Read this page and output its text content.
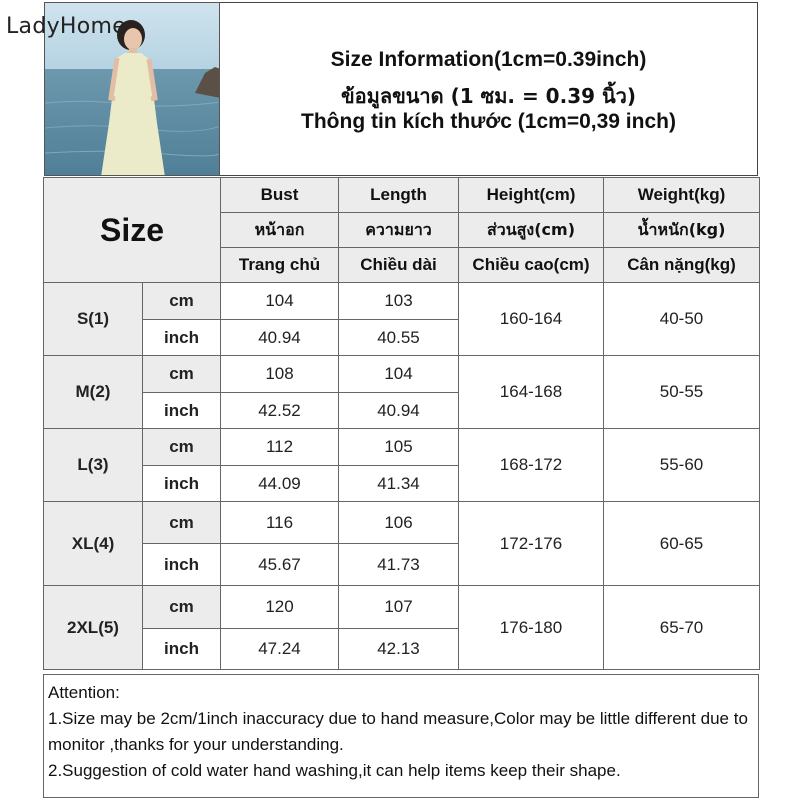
LadyHome
Size Information(1cm=0.39inch)
ข้อมูลขนาด (1 ซม. = 0.39 นิ้ว)
Thông tin kích thước (1cm=0,39 inch)
Size		Bust	Length	Height(cm)	Weight(kg)
		หน้าอก	ความยาว	ส่วนสูง(cm)	น้ำหนัก(kg)
		Trang chủ	Chiều dài	Chiều cao(cm)	Cân nặng(kg)
S(1)	cm	104	103	160-164	40-50
	inch	40.94	40.55		
M(2)	cm	108	104	164-168	50-55
	inch	42.52	40.94		
L(3)	cm	112	105	168-172	55-60
	inch	44.09	41.34		
XL(4)	cm	116	106	172-176	60-65
	inch	45.67	41.73		
2XL(5)	cm	120	107	176-180	65-70
	inch	47.24	42.13		

Attention:

1.Size may be 2cm/1inch inaccuracy due to hand measure,Color may be little different due to monitor ,thanks for your understanding.

2.Suggestion of cold water hand washing,it can help items keep their shape.
